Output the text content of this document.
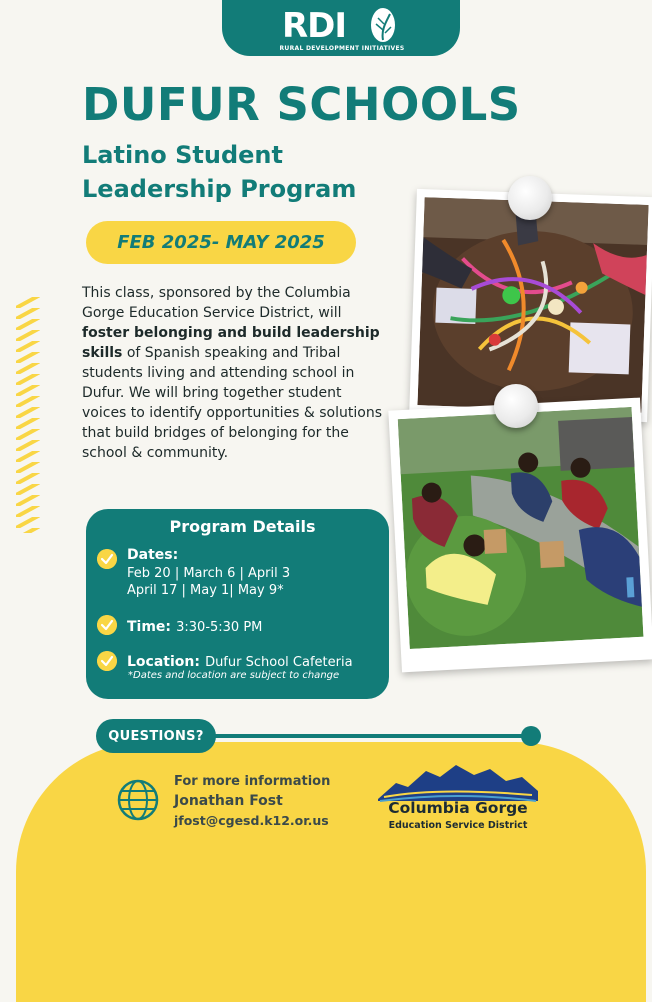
RDI
RURAL DEVELOPMENT INITIATIVES
DUFUR SCHOOLS
Latino Student
Leadership Program
FEB 2025- MAY 2025
This class, sponsored by the Columbia Gorge Education Service District, will foster belonging and build leadership skills of Spanish speaking and Tribal students living and attending school in Dufur. We will bring together student voices to identify opportunities & solutions that build bridges of belonging for the school & community.
Program Details
Dates:
Feb 20 | March 6 | April 3
April 17 | May 1| May 9*
Time: 3:30-5:30 PM
Location: Dufur School Cafeteria
*Dates and location are subject to change
QUESTIONS?
For more information
Jonathan Fost
jfost@cgesd.k12.or.us
Columbia Gorge
Education Service District
